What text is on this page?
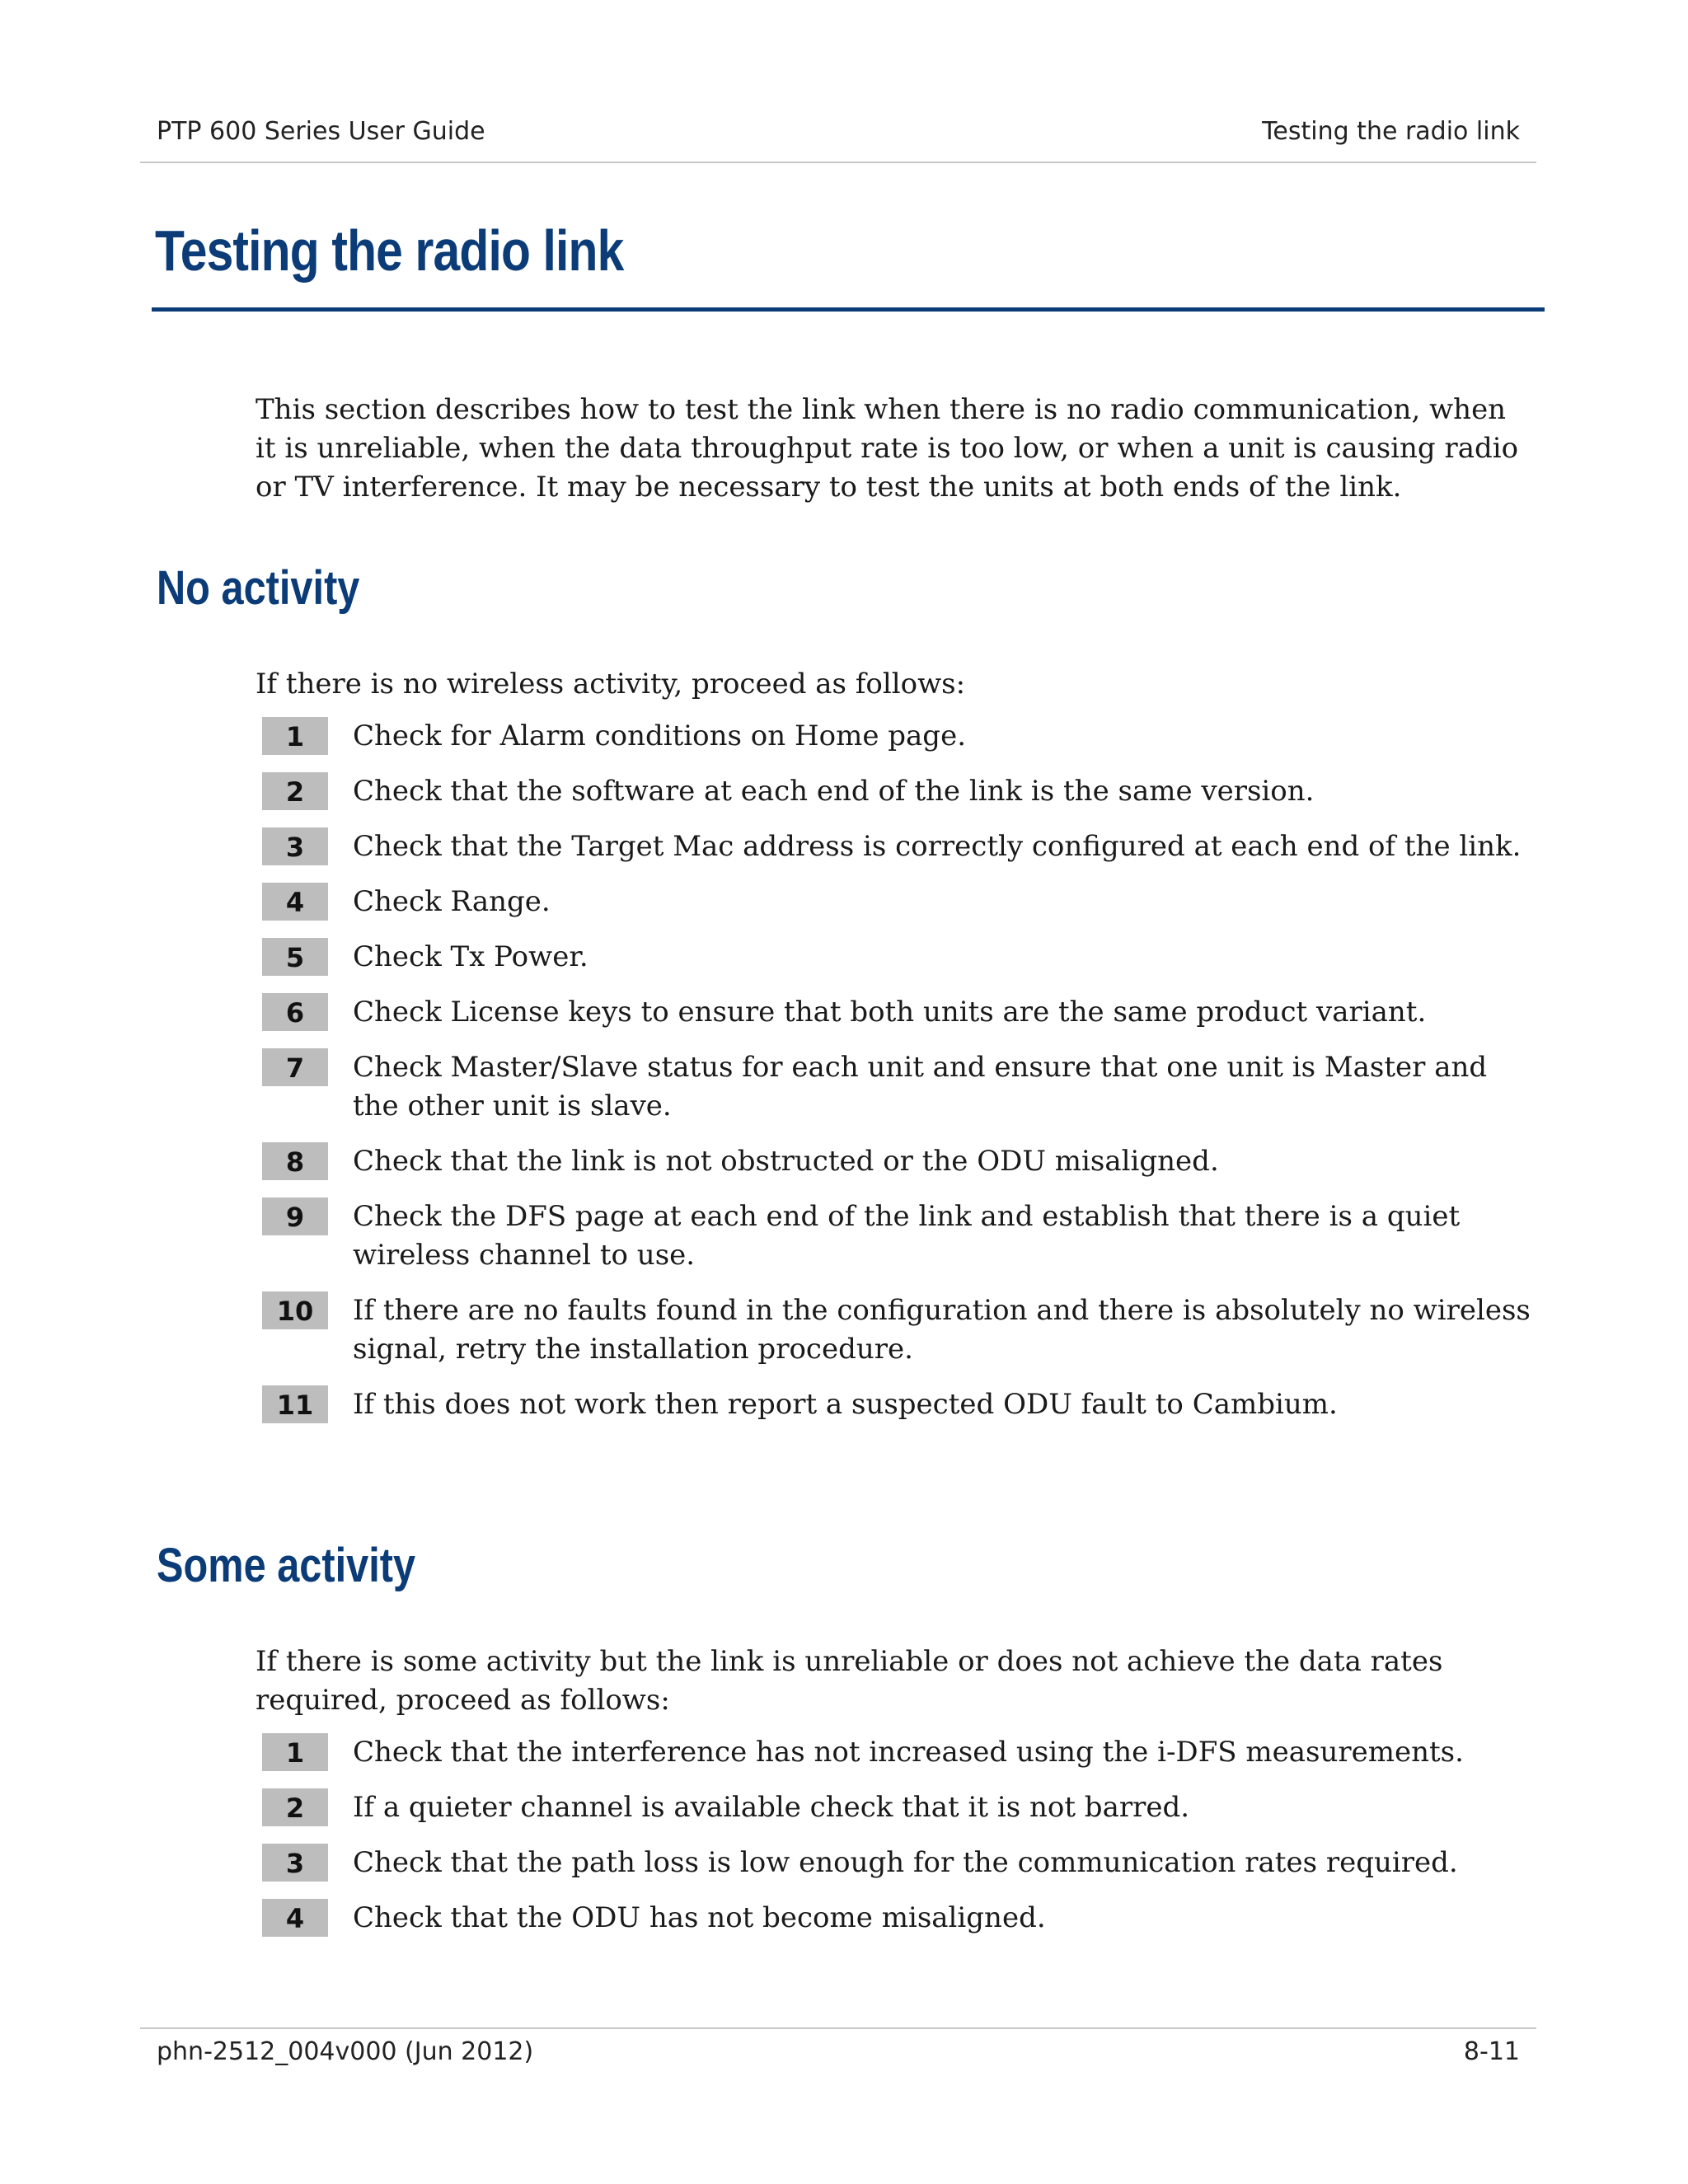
PTP 600 Series User Guide	Testing the radio link
Testing the radio link

This section describes how to test the link when there is no radio communication, when it is unreliable, when the data throughput rate is too low, or when a unit is causing radio or TV interference. It may be necessary to test the units at both ends of the link.

No activity

If there is no wireless activity, proceed as follows:

1	Check for Alarm conditions on Home page.
2	Check that the software at each end of the link is the same version.
3	Check that the Target Mac address is correctly configured at each end of the link.
4	Check Range.
5	Check Tx Power.
6	Check License keys to ensure that both units are the same product variant.
7	Check Master/Slave status for each unit and ensure that one unit is Master and the other unit is slave.
8	Check that the link is not obstructed or the ODU misaligned.
9	Check the DFS page at each end of the link and establish that there is a quiet wireless channel to use.
10	If there are no faults found in the configuration and there is absolutely no wireless signal, retry the installation procedure.
11	If this does not work then report a suspected ODU fault to Cambium.
Some activity

If there is some activity but the link is unreliable or does not achieve the data rates required, proceed as follows:

1	Check that the interference has not increased using the i-DFS measurements.
2	If a quieter channel is available check that it is not barred.
3	Check that the path loss is low enough for the communication rates required.
4	Check that the ODU has not become misaligned.
phn-2512_004v000 (Jun 2012)	8-11
